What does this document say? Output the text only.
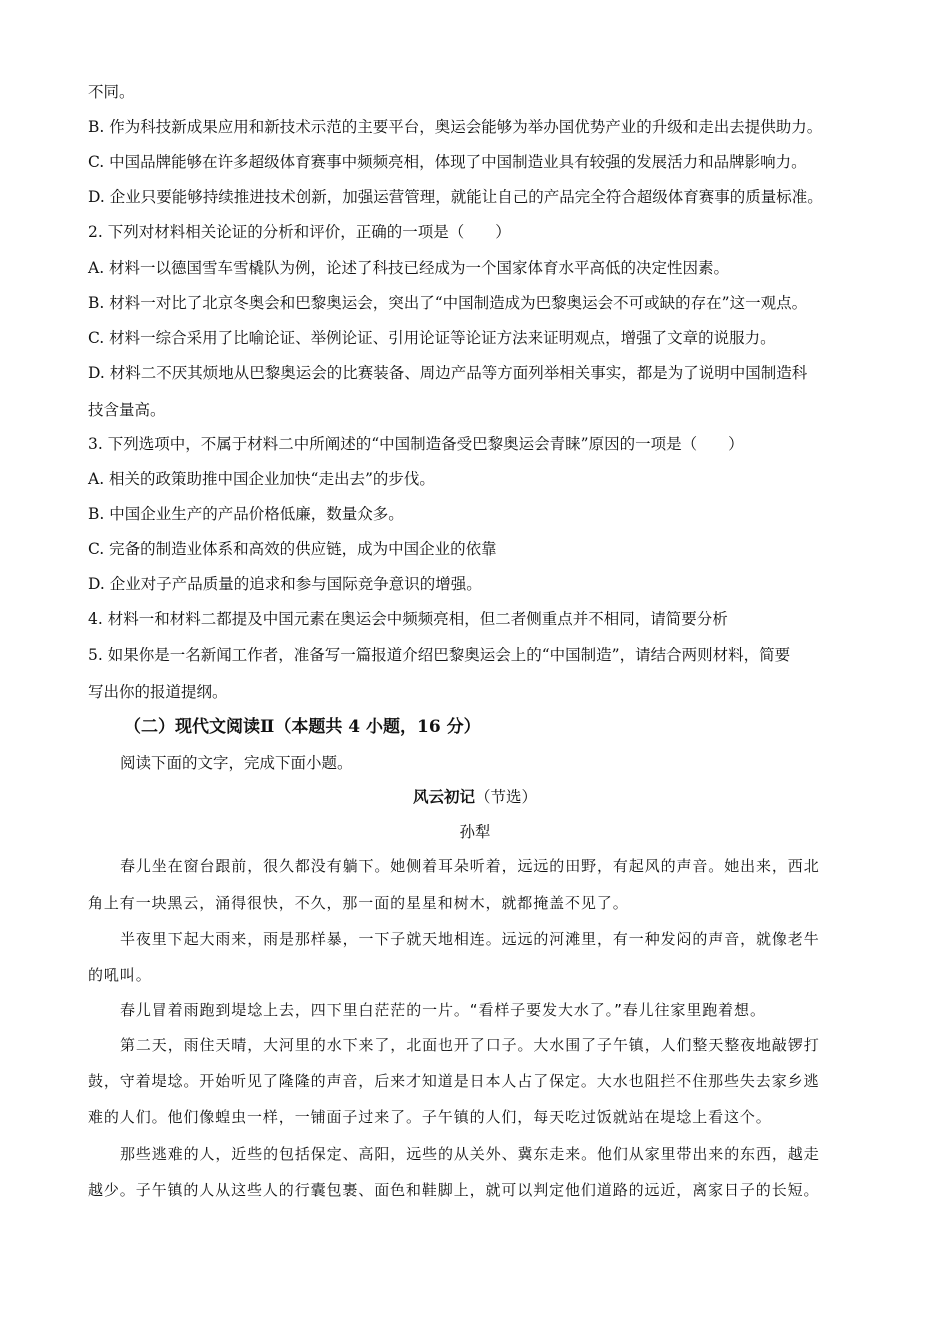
不同。
B. 作为科技新成果应用和新技术示范的主要平台，奥运会能够为举办国优势产业的升级和走出去提供助力。
C. 中国品牌能够在许多超级体育赛事中频频亮相，体现了中国制造业具有较强的发展活力和品牌影响力。
D. 企业只要能够持续推进技术创新，加强运营管理，就能让自己的产品完全符合超级体育赛事的质量标准。
2. 下列对材料相关论证的分析和评价，正确的一项是（　　）
A. 材料一以德国雪车雪橇队为例，论述了科技已经成为一个国家体育水平高低的决定性因素。
B. 材料一对比了北京冬奥会和巴黎奥运会，突出了“中国制造成为巴黎奥运会不可或缺的存在”这一观点。
C. 材料一综合采用了比喻论证、举例论证、引用论证等论证方法来证明观点，增强了文章的说服力。
D. 材料二不厌其烦地从巴黎奥运会的比赛装备、周边产品等方面列举相关事实，都是为了说明中国制造科
技含量高。
3. 下列选项中，不属于材料二中所阐述的“中国制造备受巴黎奥运会青睐”原因的一项是（　　）
A. 相关的政策助推中国企业加快“走出去”的步伐。
B. 中国企业生产的产品价格低廉，数量众多。
C. 完备的制造业体系和高效的供应链，成为中国企业的依靠
D. 企业对子产品质量的追求和参与国际竞争意识的增强。
4. 材料一和材料二都提及中国元素在奥运会中频频亮相，但二者侧重点并不相同，请简要分析
5. 如果你是一名新闻工作者，准备写一篇报道介绍巴黎奥运会上的“中国制造”，请结合两则材料，简要
写出你的报道提纲。
（二）现代文阅读Ⅱ（本题共 4 小题，16 分）
阅读下面的文字，完成下面小题。
风云初记（节选）
孙犁
春儿坐在窗台跟前，很久都没有躺下。她侧着耳朵听着，远远的田野，有起风的声音。她出来，西北
角上有一块黑云，涌得很快，不久，那一面的星星和树木，就都掩盖不见了。
半夜里下起大雨来，雨是那样暴，一下子就天地相连。远远的河滩里，有一种发闷的声音，就像老牛
的吼叫。
春儿冒着雨跑到堤埝上去，四下里白茫茫的一片。“看样子要发大水了。”春儿往家里跑着想。
第二天，雨住天晴，大河里的水下来了，北面也开了口子。大水围了子午镇，人们整天整夜地敲锣打
鼓，守着堤埝。开始听见了隆隆的声音，后来才知道是日本人占了保定。大水也阻拦不住那些失去家乡逃
难的人们。他们像蝗虫一样，一铺面子过来了。子午镇的人们，每天吃过饭就站在堤埝上看这个。
那些逃难的人，近些的包括保定、高阳，远些的从关外、冀东走来。他们从家里带出来的东西，越走
越少。子午镇的人从这些人的行囊包裹、面色和鞋脚上，就可以判定他们道路的远近，离家日子的长短。
